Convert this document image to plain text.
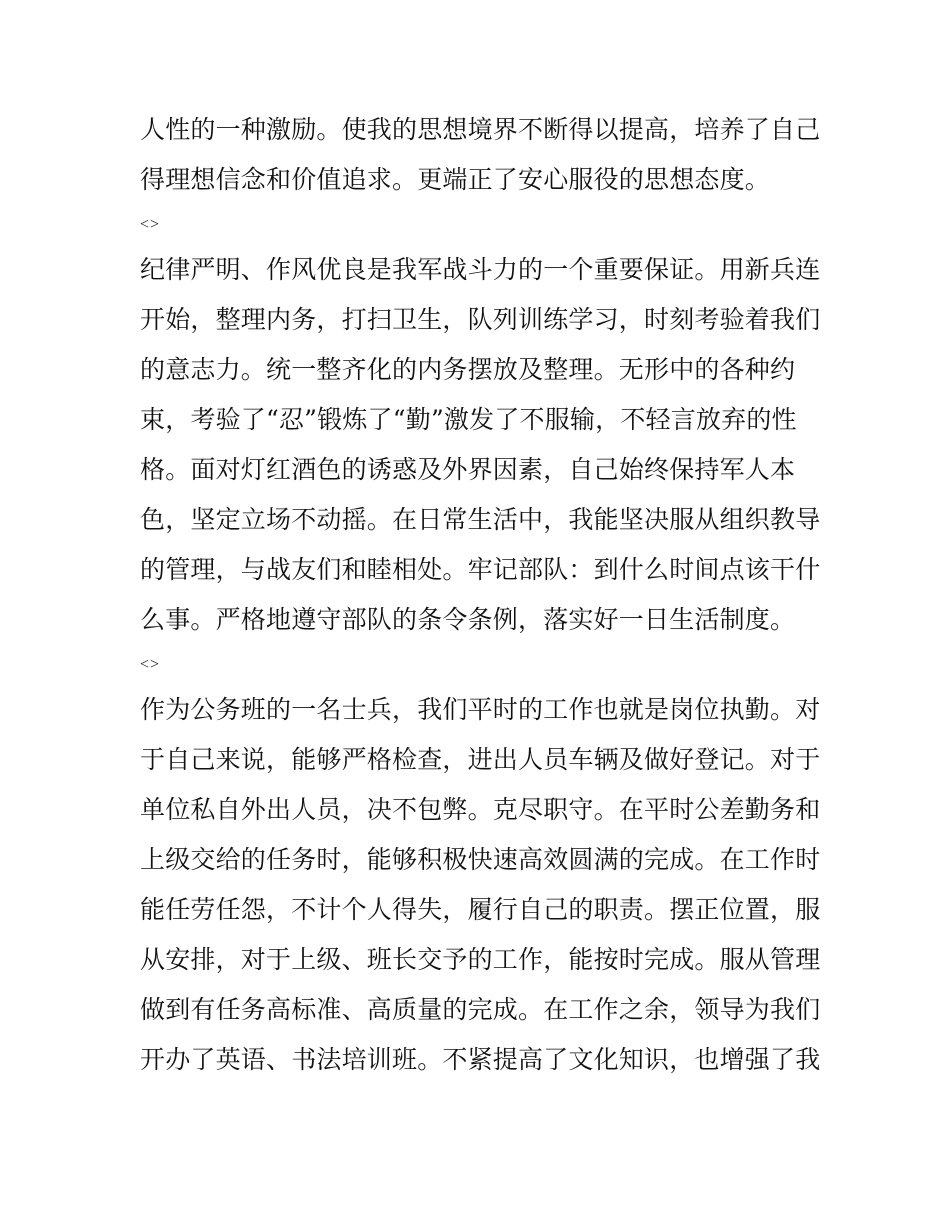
人性的一种激励。使我的思想境界不断得以提高，培养了自己
得理想信念和价值追求。更端正了安心服役的思想态度。
<>
纪律严明、作风优良是我军战斗力的一个重要保证。用新兵连
开始，整理内务，打扫卫生，队列训练学习，时刻考验着我们
的意志力。统一整齐化的内务摆放及整理。无形中的各种约
束，考验了“忍”锻炼了“勤”激发了不服输，不轻言放弃的性
格。面对灯红酒色的诱惑及外界因素，自己始终保持军人本
色，坚定立场不动摇。在日常生活中，我能坚决服从组织教导
的管理，与战友们和睦相处。牢记部队：到什么时间点该干什
么事。严格地遵守部队的条令条例，落实好一日生活制度。
<>
作为公务班的一名士兵，我们平时的工作也就是岗位执勤。对
于自己来说，能够严格检查，进出人员车辆及做好登记。对于
单位私自外出人员，决不包弊。克尽职守。在平时公差勤务和
上级交给的任务时，能够积极快速高效圆满的完成。在工作时
能任劳任怨，不计个人得失，履行自己的职责。摆正位置，服
从安排，对于上级、班长交予的工作，能按时完成。服从管理
做到有任务高标准、高质量的完成。在工作之余，领导为我们
开办了英语、书法培训班。不紧提高了文化知识，也增强了我
